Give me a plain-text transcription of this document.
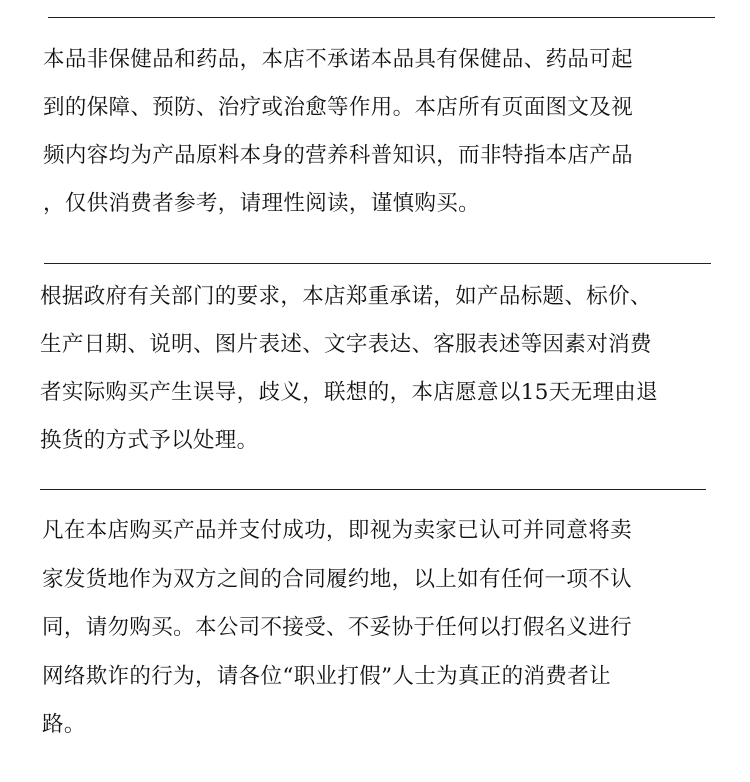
本品非保健品和药品，本店不承诺本品具有保健品、药品可起
到的保障、预防、治疗或治愈等作用。本店所有页面图文及视
频内容均为产品原料本身的营养科普知识，而非特指本店产品
，仅供消费者参考，请理性阅读，谨慎购买。

根据政府有关部门的要求，本店郑重承诺，如产品标题、标价、
生产日期、说明、图片表述、文字表达、客服表述等因素对消费
者实际购买产生误导，歧义，联想的，本店愿意以15天无理由退
换货的方式予以处理。

凡在本店购买产品并支付成功，即视为卖家已认可并同意将卖
家发货地作为双方之间的合同履约地，以上如有任何一项不认
同，请勿购买。本公司不接受、不妥协于任何以打假名义进行
网络欺诈的行为，请各位“职业打假”人士为真正的消费者让
路。
